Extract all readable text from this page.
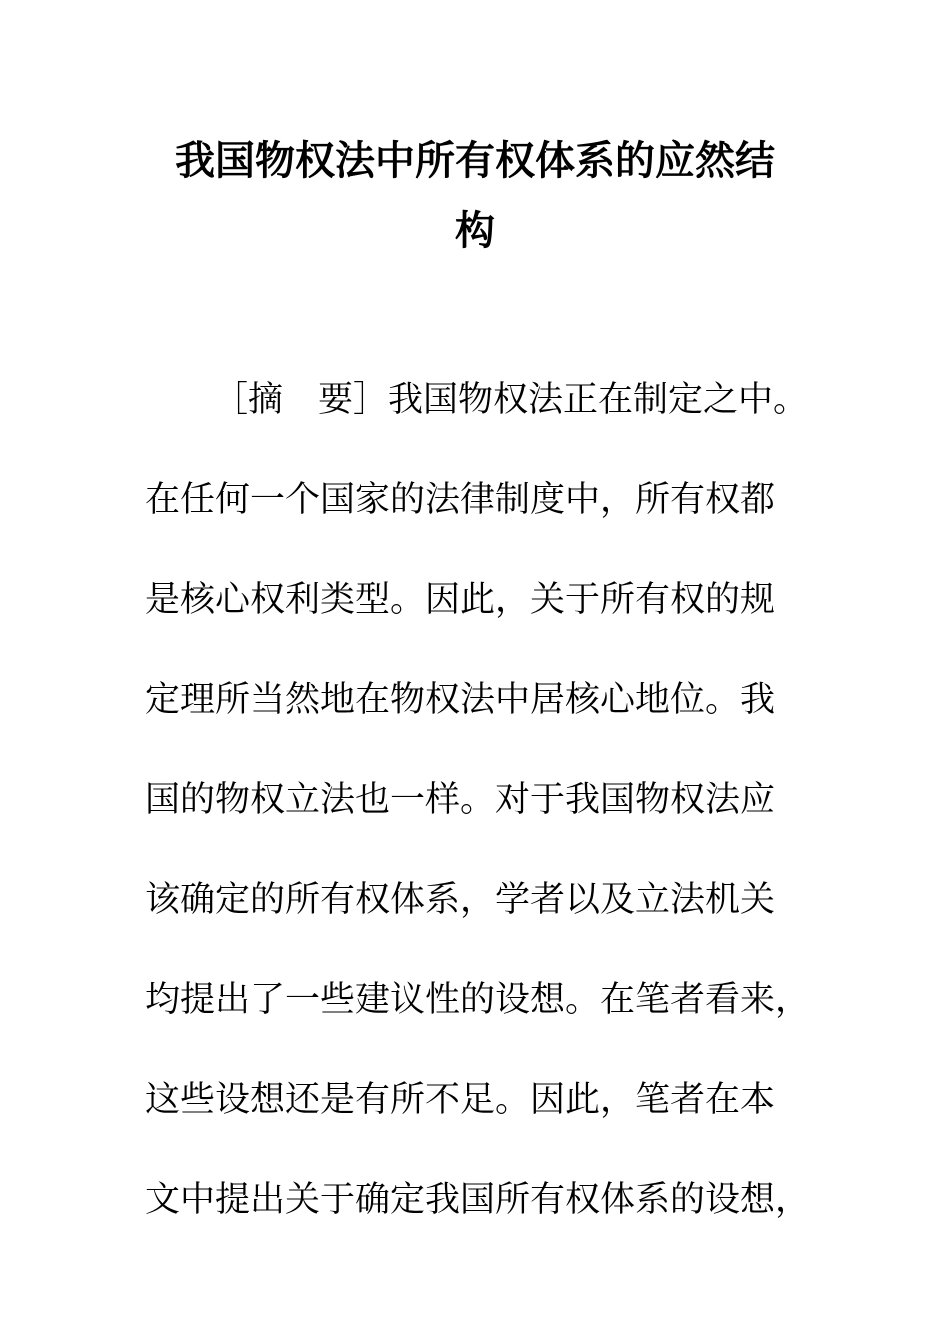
我国物权法中所有权体系的应然结
构
［摘　要］我国物权法正在制定之中。
在任何一个国家的法律制度中，所有权都
是核心权利类型。因此，关于所有权的规
定理所当然地在物权法中居核心地位。我
国的物权立法也一样。对于我国物权法应
该确定的所有权体系，学者以及立法机关
均提出了一些建议性的设想。在笔者看来，
这些设想还是有所不足。因此，笔者在本
文中提出关于确定我国所有权体系的设想，
